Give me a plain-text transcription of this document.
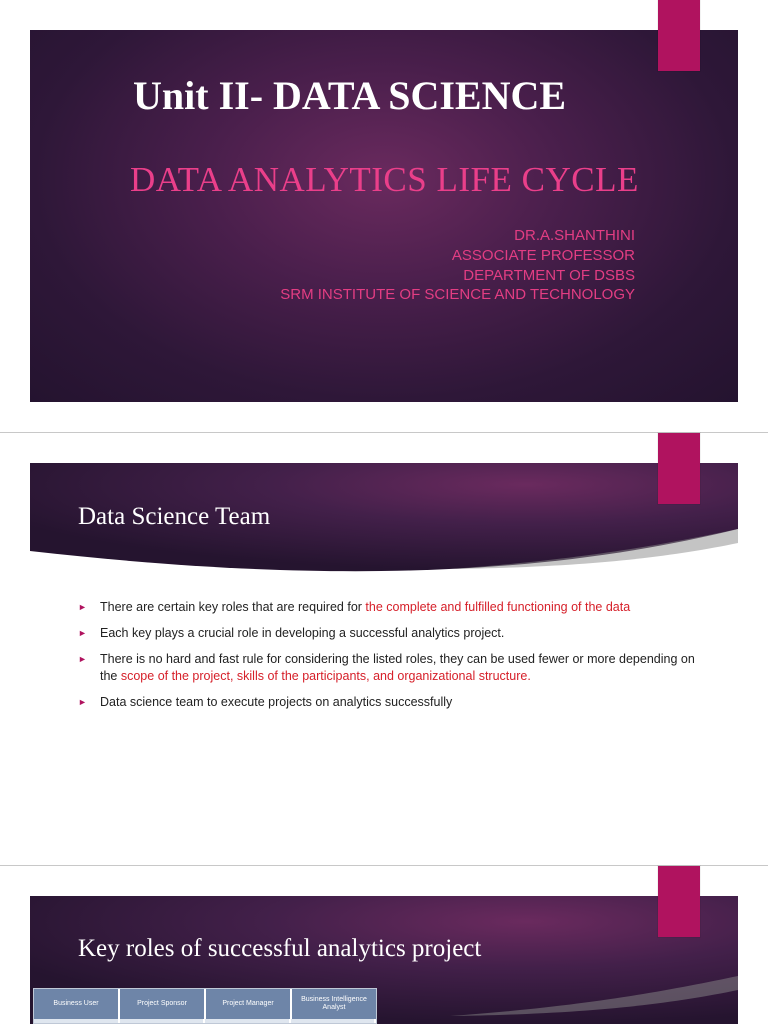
Unit II- DATA SCIENCE
DATA ANALYTICS LIFE CYCLE
DR.A.SHANTHINI
ASSOCIATE PROFESSOR
DEPARTMENT OF DSBS
SRM INSTITUTE OF SCIENCE AND TECHNOLOGY
Data Science Team
► There are certain key roles that are required for the complete and fulfilled functioning of the data
► Each key plays a crucial role in developing a successful analytics project.
► There is no hard and fast rule for considering the listed roles, they can be used fewer or more depending on the scope of the project, skills of the participants, and organizational structure.
► Data science team to execute projects on analytics successfully
Key roles of successful analytics project
Business User	Project Sponsor	Project Manager
Business Intelligence Analyst
